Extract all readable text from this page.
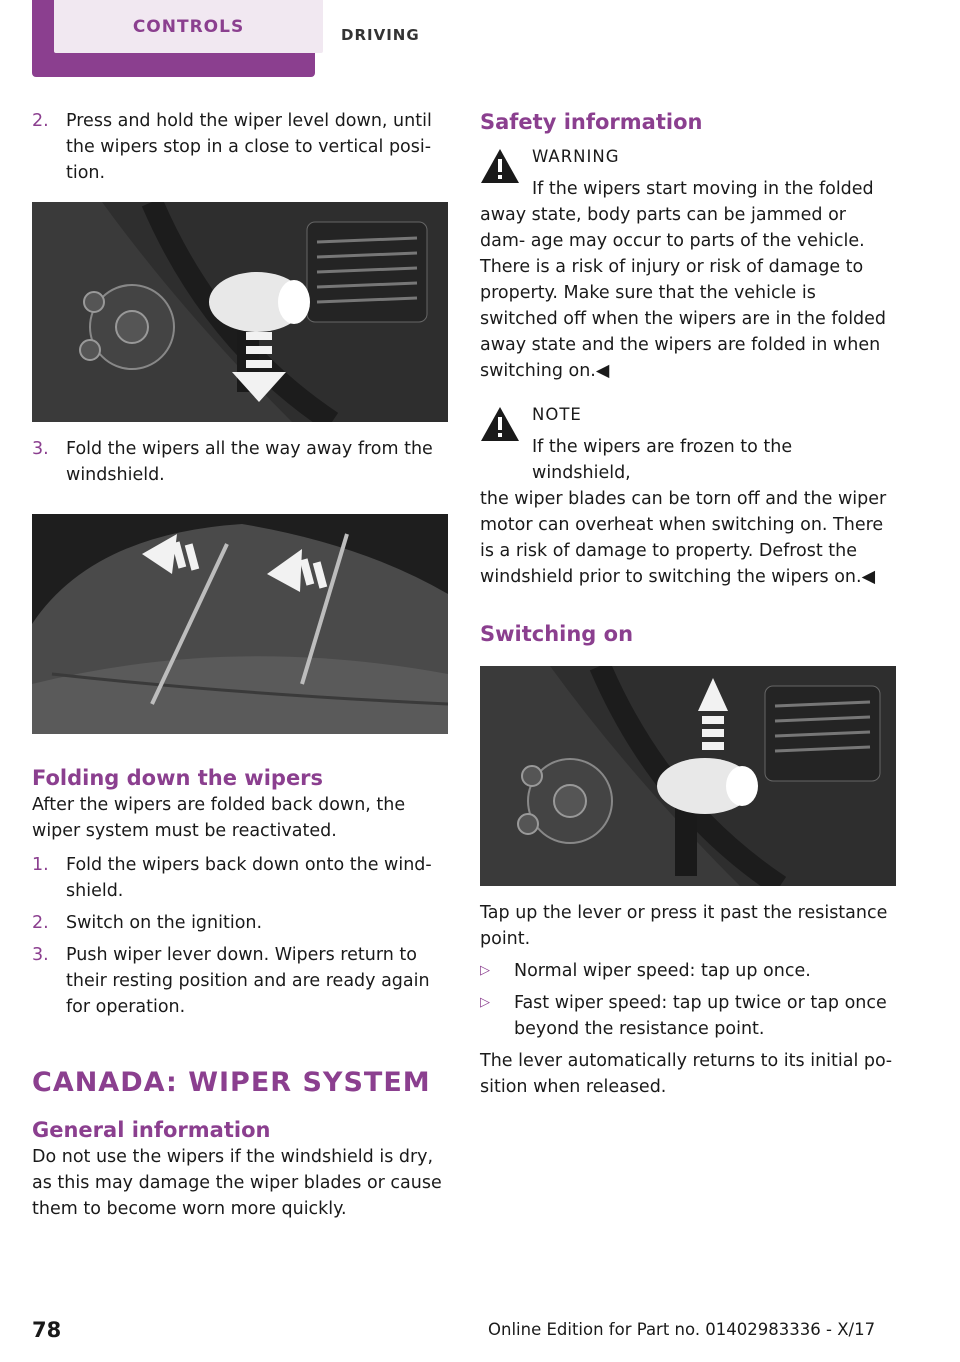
CONTROLS	DRIVING
2. Press and hold the wiper level down, until the wipers stop in a close to vertical posi‐ tion.
3. Fold the wipers all the way away from the windshield.
Folding down the wipers

After the wipers are folded back down, the wiper system must be reactivated.

1. Fold the wipers back down onto the wind‐ shield.
2. Switch on the ignition.
3. Push wiper lever down. Wipers return to their resting position and are ready again for operation.
CANADA: WIPER SYSTEM
General information

Do not use the wipers if the windshield is dry, as this may damage the wiper blades or cause them to become worn more quickly.

Safety information
WARNING

If the wipers start moving in the folded

away state, body parts can be jammed or dam‐ age may occur to parts of the vehicle. There is a risk of injury or risk of damage to property. Make sure that the vehicle is switched off when the wipers are in the folded away state and the wipers are folded in when switching on.◀

NOTE

If the wipers are frozen to the windshield,

the wiper blades can be torn off and the wiper motor can overheat when switching on. There is a risk of damage to property. Defrost the windshield prior to switching the wipers on.◀

Switching on

Tap up the lever or press it past the resistance point.

▷	Normal wiper speed: tap up once.
▷	Fast wiper speed: tap up twice or tap once beyond the resistance point.

The lever automatically returns to its initial po‐ sition when released.

78	Online Edition for Part no. 01402983336 - X/17
